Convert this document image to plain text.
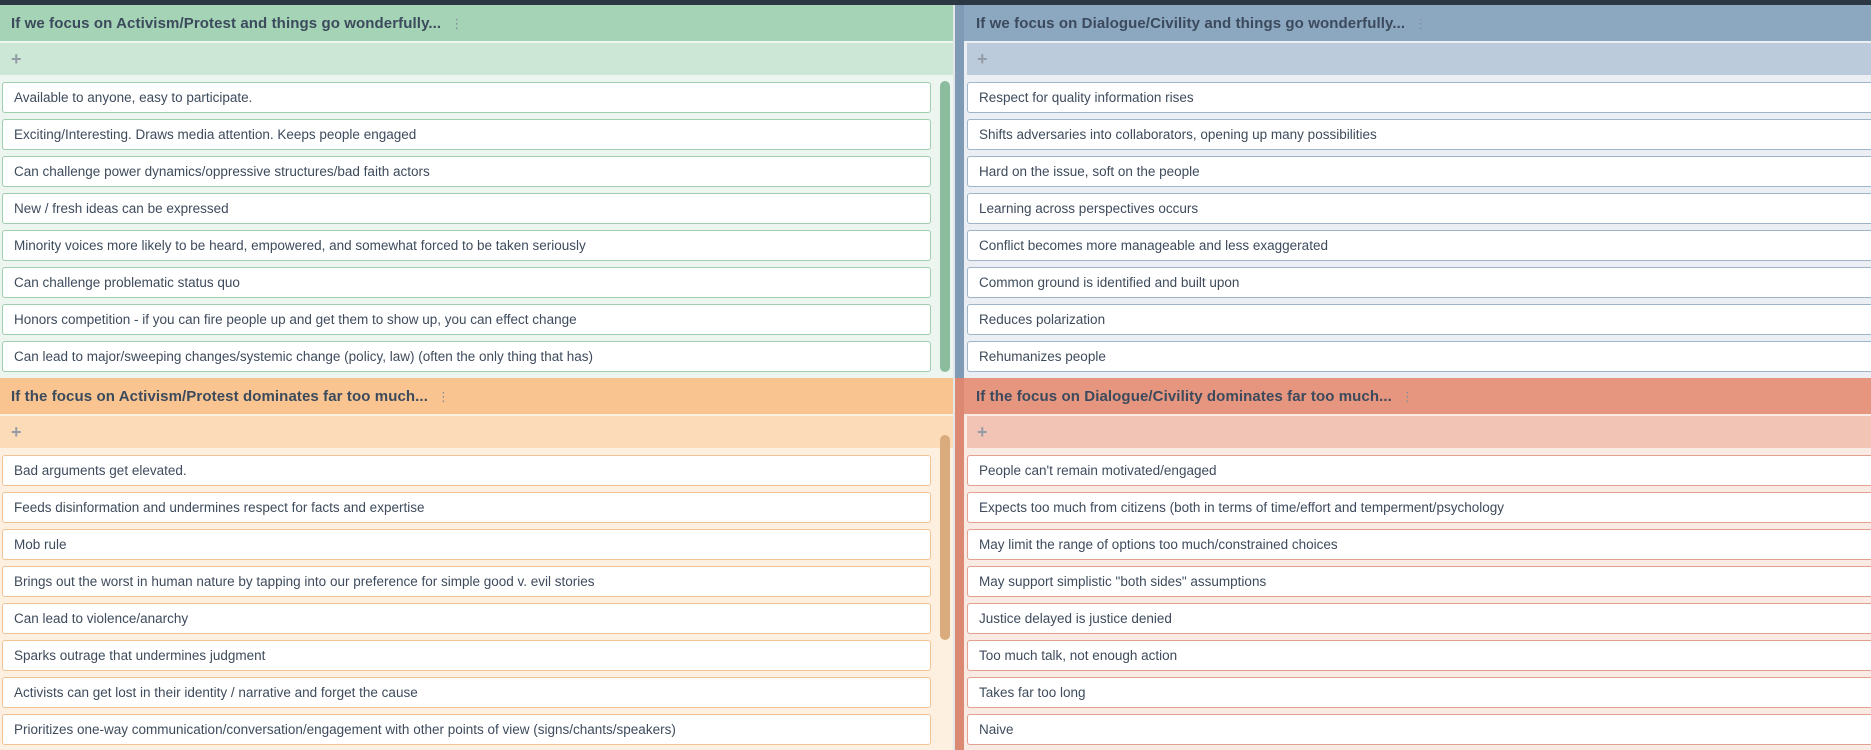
If we focus on Activism/Protest and things go wonderfully... ⋮
+
Available to anyone, easy to participate.
Exciting/Interesting. Draws media attention. Keeps people engaged
Can challenge power dynamics/oppressive structures/bad faith actors
New / fresh ideas can be expressed
Minority voices more likely to be heard, empowered, and somewhat forced to be taken seriously
Can challenge problematic status quo
Honors competition - if you can fire people up and get them to show up, you can effect change
Can lead to major/sweeping changes/systemic change (policy, law) (often the only thing that has)
If the focus on Activism/Protest dominates far too much... ⋮
+
Bad arguments get elevated.
Feeds disinformation and undermines respect for facts and expertise
Mob rule
Brings out the worst in human nature by tapping into our preference for simple good v. evil stories
Can lead to violence/anarchy
Sparks outrage that undermines judgment
Activists can get lost in their identity / narrative and forget the cause
Prioritizes one-way communication/conversation/engagement with other points of view (signs/chants/speakers)
If we focus on Dialogue/Civility and things go wonderfully... ⋮
+
Respect for quality information rises
Shifts adversaries into collaborators, opening up many possibilities
Hard on the issue, soft on the people
Learning across perspectives occurs
Conflict becomes more manageable and less exaggerated
Common ground is identified and built upon
Reduces polarization
Rehumanizes people
If the focus on Dialogue/Civility dominates far too much... ⋮
+
People can't remain motivated/engaged
Expects too much from citizens (both in terms of time/effort and temperment/psychology
May limit the range of options too much/constrained choices
May support simplistic "both sides" assumptions
Justice delayed is justice denied
Too much talk, not enough action
Takes far too long
Naive
